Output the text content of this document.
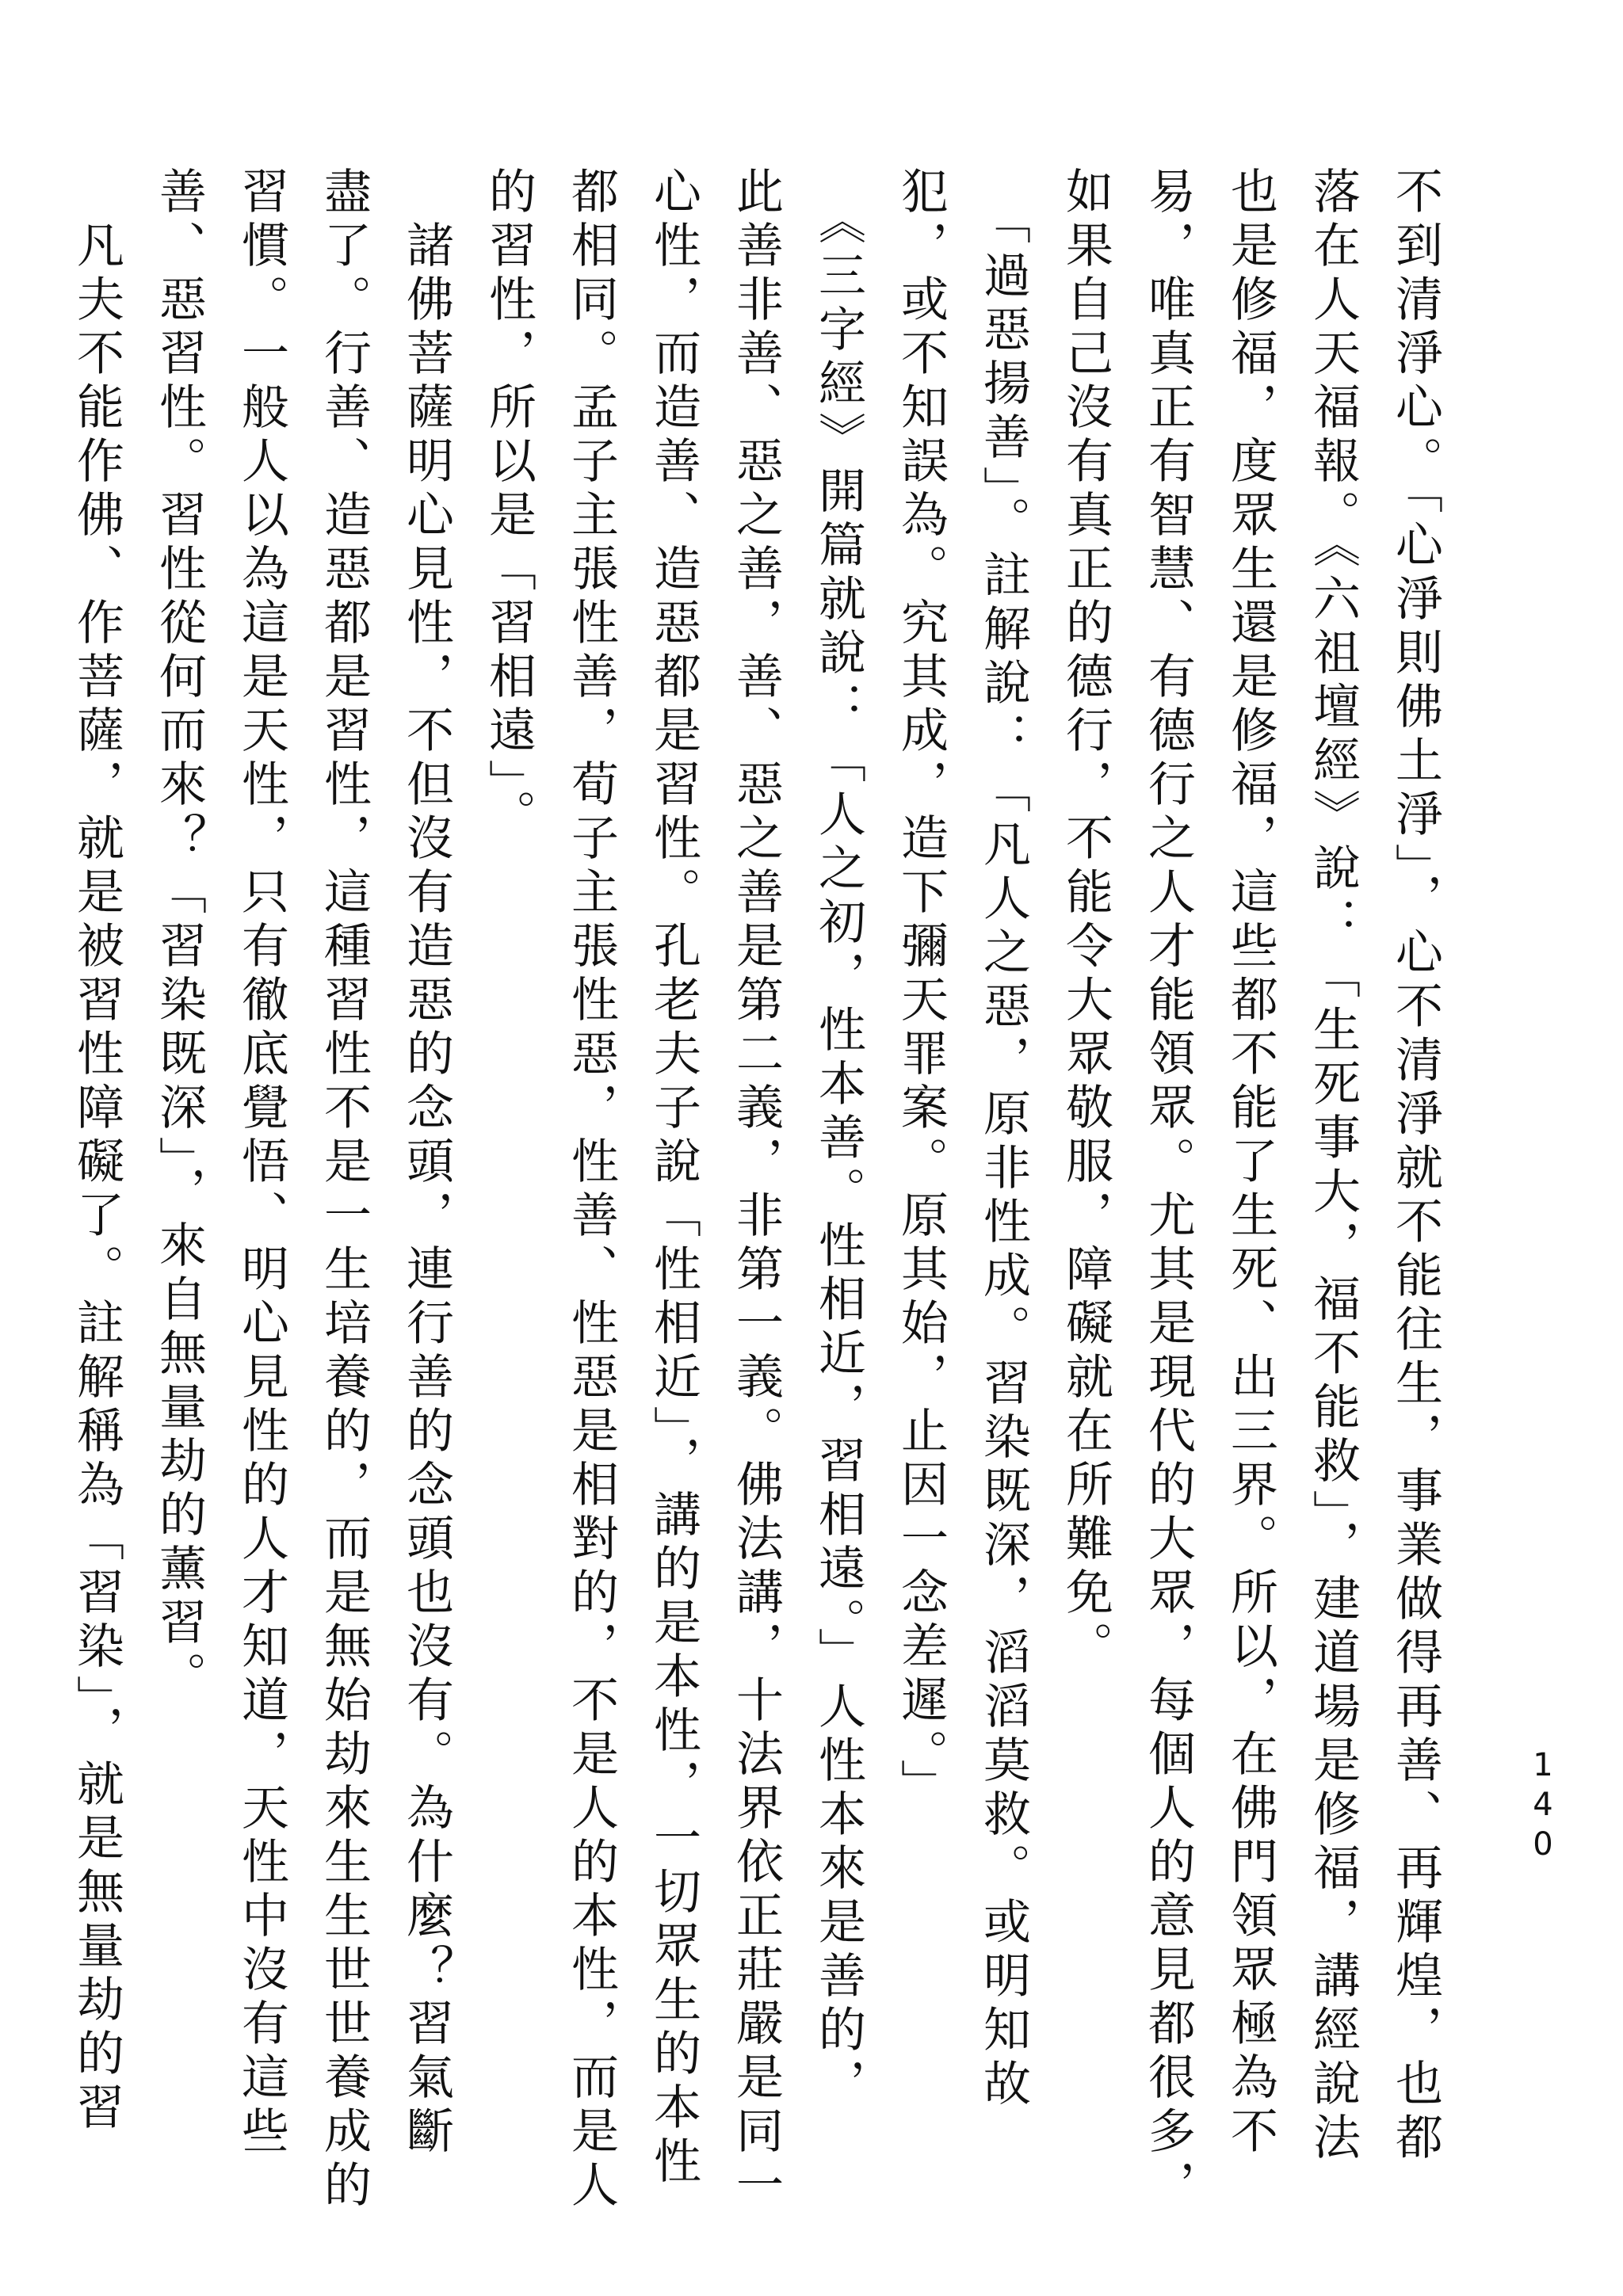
不到清淨心。「心淨則佛土淨」，心不清淨就不能往生，事業做得再善、再輝煌，也都
落在人天福報。《六祖壇經》說：「生死事大，福不能救」，建道場是修福，講經說法
也是修福，度眾生還是修福，這些都不能了生死、出三界。所以，在佛門領眾極為不
易，唯真正有智慧、有德行之人才能領眾。尤其是現代的大眾，每個人的意見都很多，
如果自己沒有真正的德行，不能令大眾敬服，障礙就在所難免。
　「過惡揚善」。註解說：「凡人之惡，原非性成。習染既深，滔滔莫救。或明知故
犯，或不知誤為。究其成，造下彌天罪案。原其始，止因一念差遲。」
　《三字經》開篇就說：「人之初，性本善。性相近，習相遠。」人性本來是善的，
此善非善、惡之善，善、惡之善是第二義，非第一義。佛法講，十法界依正莊嚴是同一
心性，而造善、造惡都是習性。孔老夫子說「性相近」，講的是本性，一切眾生的本性
都相同。孟子主張性善，荀子主張性惡，性善、性惡是相對的，不是人的本性，而是人
的習性，所以是「習相遠」。
　諸佛菩薩明心見性，不但沒有造惡的念頭，連行善的念頭也沒有。為什麼？習氣斷
盡了。行善、造惡都是習性，這種習性不是一生培養的，而是無始劫來生生世世養成的
習慣。一般人以為這是天性，只有徹底覺悟、明心見性的人才知道，天性中沒有這些
善、惡習性。習性從何而來？「習染既深」，來自無量劫的薰習。
　凡夫不能作佛、作菩薩，就是被習性障礙了。註解稱為「習染」，就是無量劫的習	140
